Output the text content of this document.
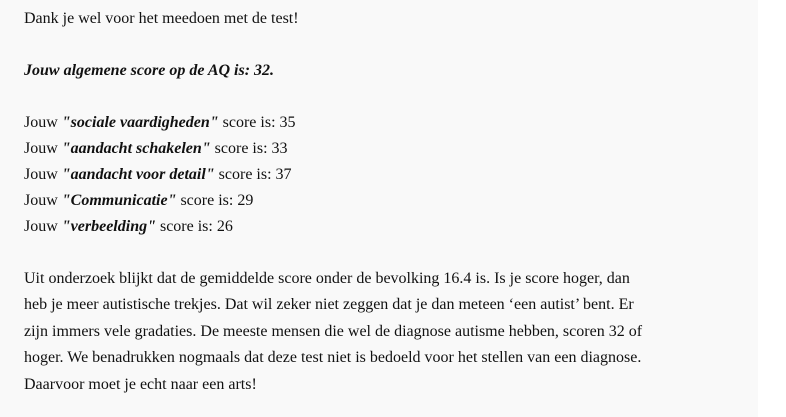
Dank je wel voor het meedoen met de test!

Jouw algemene score op de AQ is: 32.

Jouw "sociale vaardigheden" score is: 35

Jouw "aandacht schakelen" score is: 33

Jouw "aandacht voor detail" score is: 37

Jouw "Communicatie" score is: 29

Jouw "verbeelding" score is: 26

Uit onderzoek blijkt dat de gemiddelde score onder de bevolking 16.4 is. Is je score hoger, dan

heb je meer autistische trekjes. Dat wil zeker niet zeggen dat je dan meteen ‘een autist’ bent. Er

zijn immers vele gradaties. De meeste mensen die wel de diagnose autisme hebben, scoren 32 of

hoger. We benadrukken nogmaals dat deze test niet is bedoeld voor het stellen van een diagnose.

Daarvoor moet je echt naar een arts!
